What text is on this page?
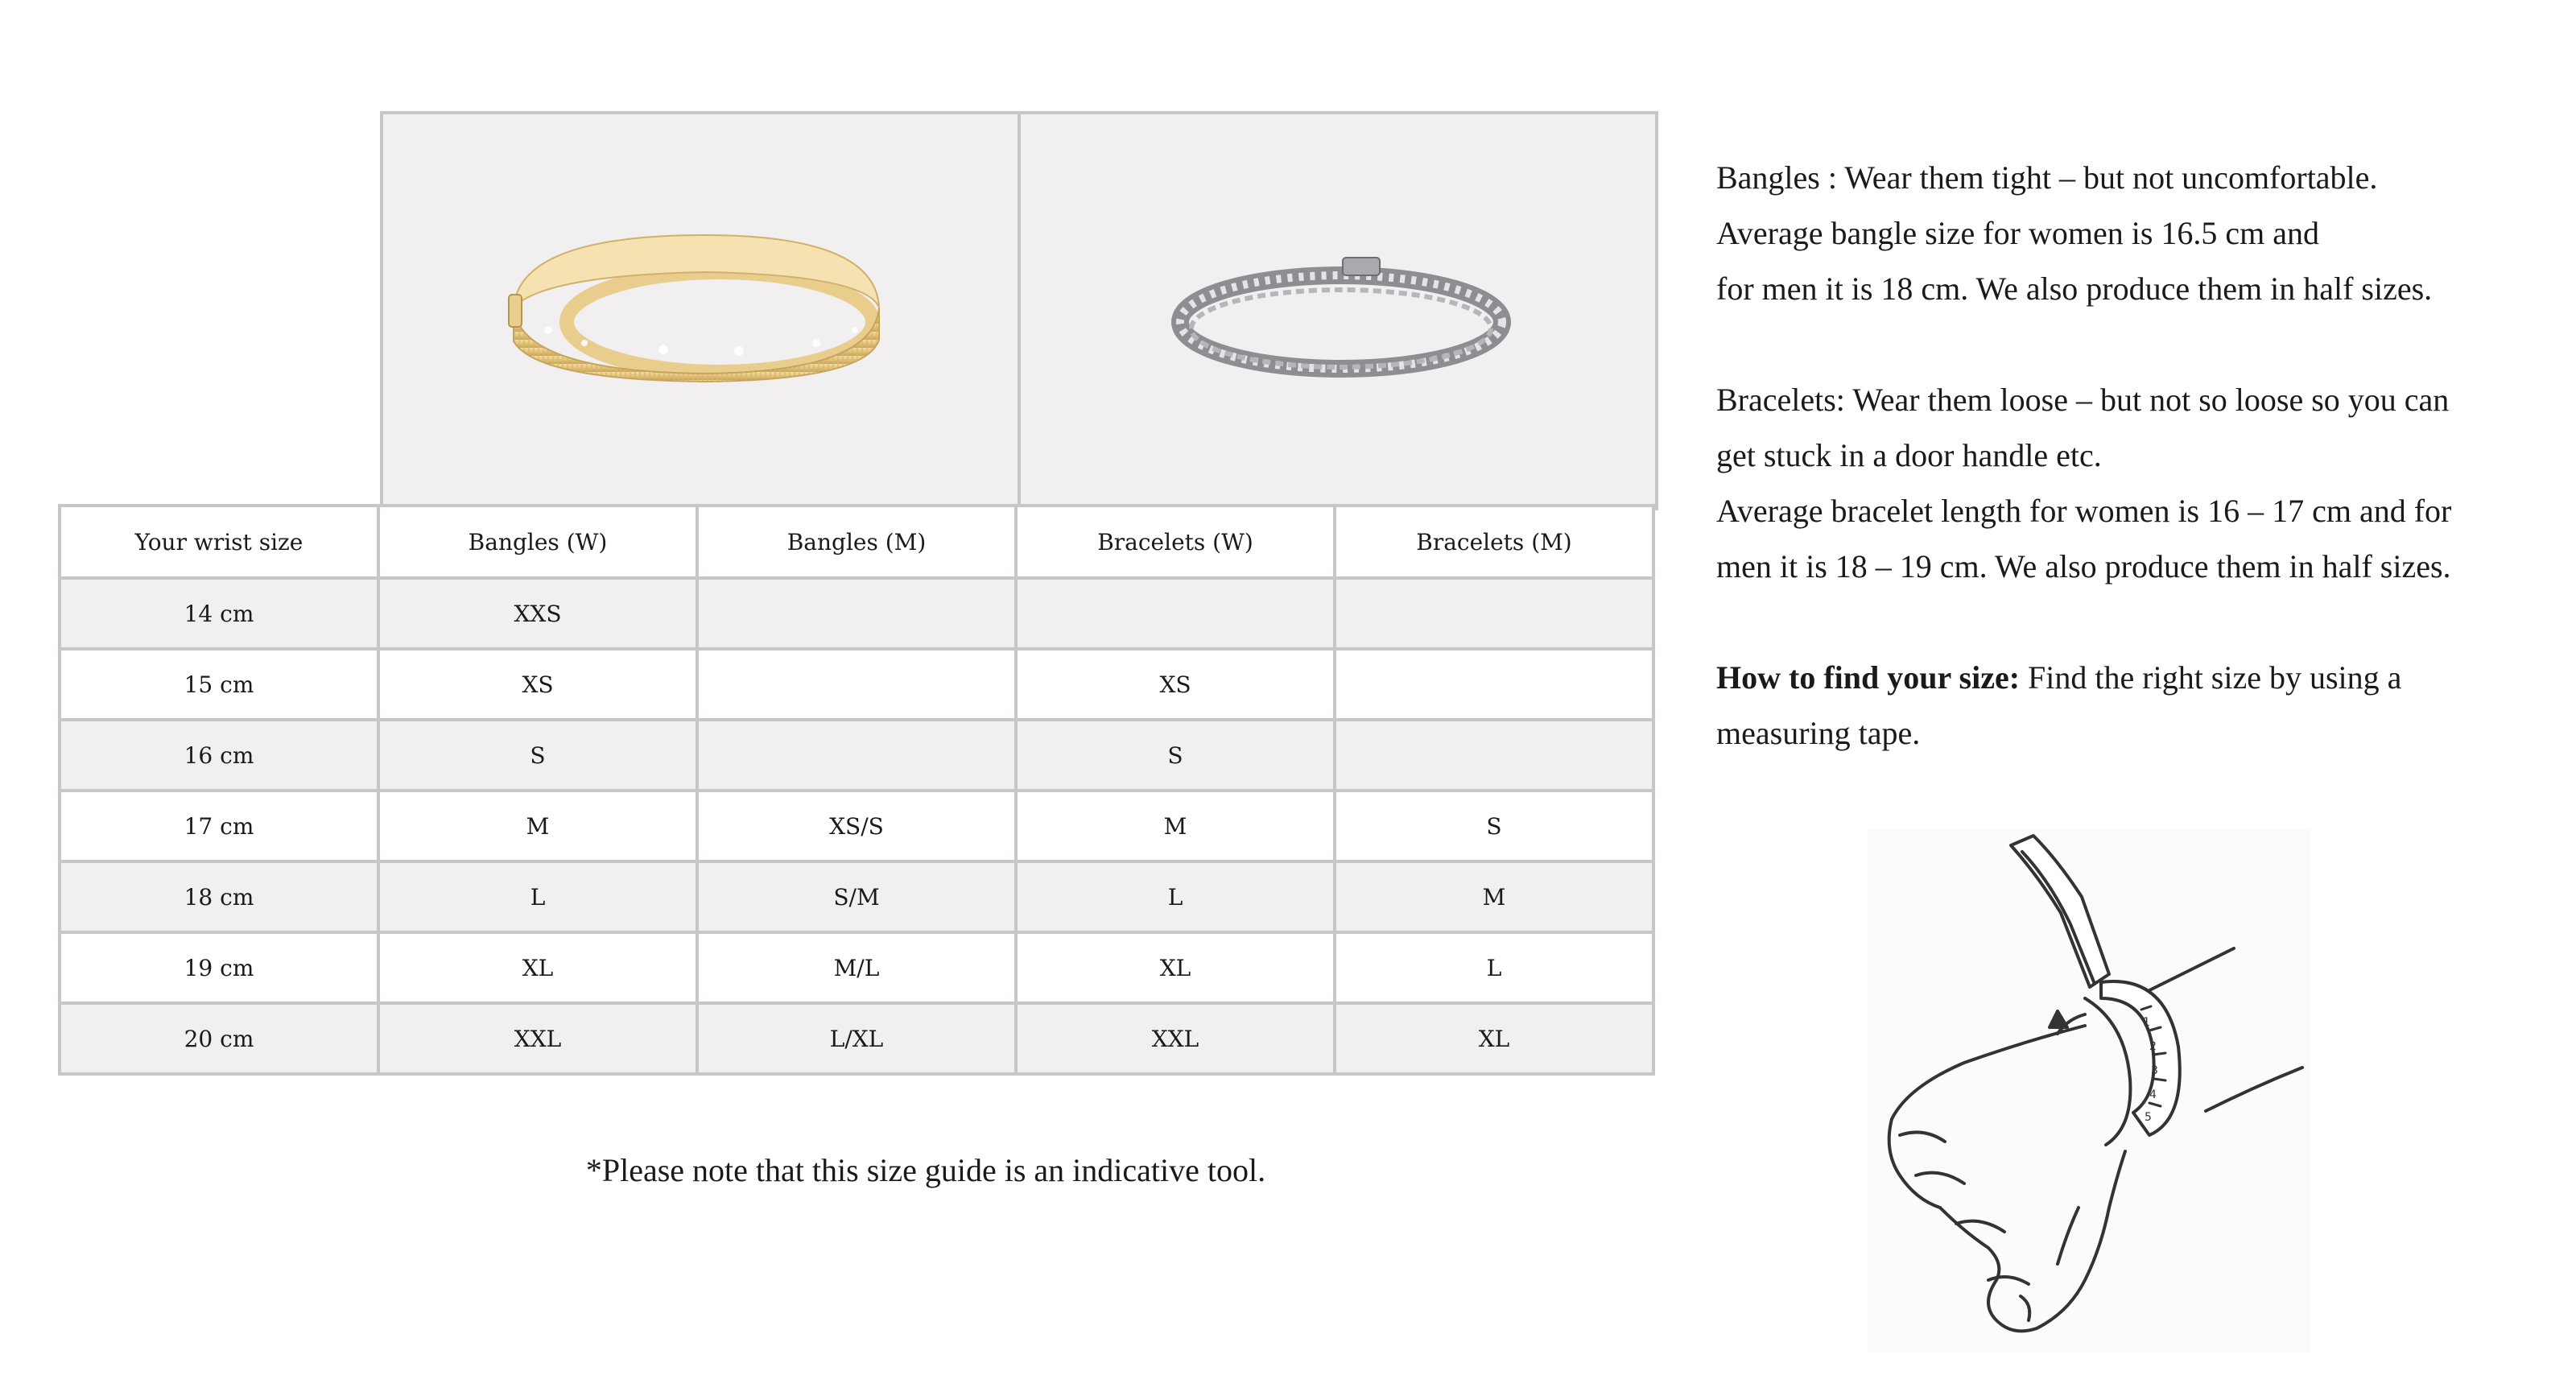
Your wrist size	Bangles (W)	Bangles (M)	Bracelets (W)	Bracelets (M)
14 cm	XXS			
15 cm	XS		XS	
16 cm	S		S	
17 cm	M	XS/S	M	S
18 cm	L	S/M	L	M
19 cm	XL	M/L	XL	L
20 cm	XXL	L/XL	XXL	XL
*Please note that this size guide is an indicative tool.

Bangles : Wear them tight – but not uncomfortable.

Average bangle size for women is 16.5 cm and

for men it is 18 cm. We also produce them in half sizes.

Bracelets: Wear them loose – but not so loose so you can

get stuck in a door handle etc.

Average bracelet length for women is 16 – 17 cm and for

men it is 18 – 19 cm. We also produce them in half sizes.

How to find your size: Find the right size by using a

measuring tape.

1
2
3
4
5
